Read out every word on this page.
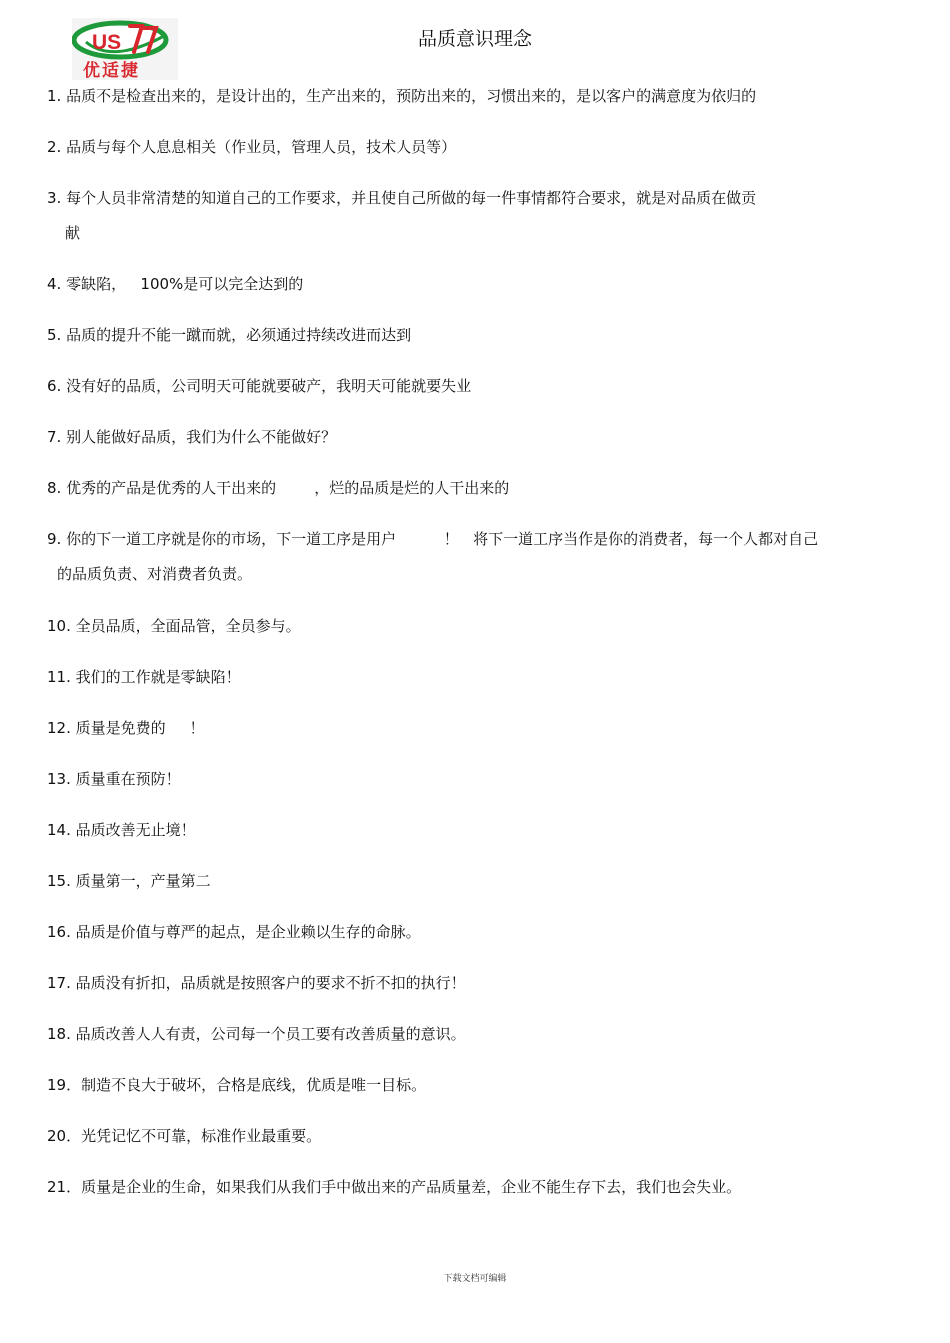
US
优适捷
品质意识理念
1. 品质不是检查出来的，是设计出的，生产出来的，预防出来的，习惯出来的，是以客户的满意度为依归的
2. 品质与每个人息息相关（作业员，管理人员，技术人员等）
3. 每个人员非常清楚的知道自己的工作要求，并且使自己所做的每一件事情都符合要求，就是对品质在做贡
献
4. 零缺陷，   100%是可以完全达到的
5. 品质的提升不能一蹴而就，必须通过持续改进而达到
6. 没有好的品质，公司明天可能就要破产，我明天可能就要失业
7. 别人能做好品质，我们为什么不能做好？
8. 优秀的产品是优秀的人干出来的        ，烂的品质是烂的人干出来的
9. 你的下一道工序就是你的市场，下一道工序是用户          ！   将下一道工序当作是你的消费者，每一个人都对自己
的品质负责、对消费者负责。
10. 全员品质，全面品管，全员参与。
11. 我们的工作就是零缺陷！
12. 质量是免费的     ！
13. 质量重在预防！
14. 品质改善无止境！
15. 质量第一，产量第二
16. 品质是价值与尊严的起点，是企业赖以生存的命脉。
17. 品质没有折扣，品质就是按照客户的要求不折不扣的执行！
18. 品质改善人人有责，公司每一个员工要有改善质量的意识。
19．制造不良大于破坏，合格是底线，优质是唯一目标。
20．光凭记忆不可靠，标准作业最重要。
21．质量是企业的生命，如果我们从我们手中做出来的产品质量差，企业不能生存下去，我们也会失业。
下载文档可编辑
